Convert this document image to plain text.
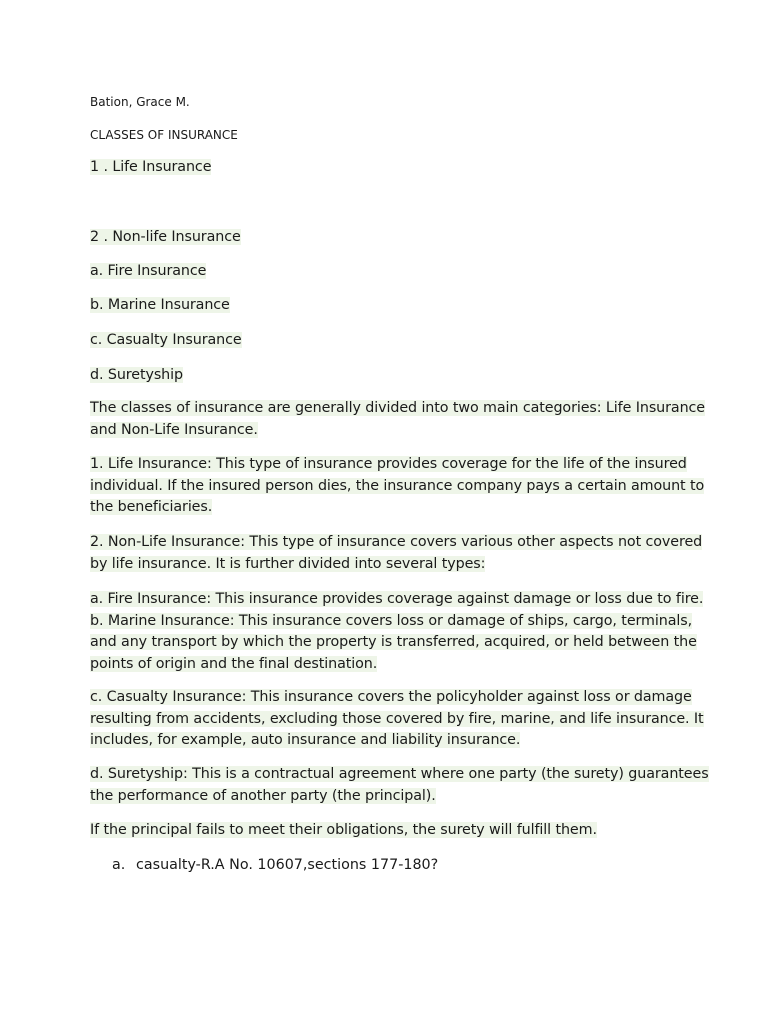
Bation, Grace M.

CLASSES OF INSURANCE

1 . Life Insurance

2 . Non-life Insurance

a. Fire Insurance

b. Marine Insurance

c. Casualty Insurance

d. Suretyship

The classes of insurance are generally divided into two main categories: Life Insurance
and Non-Life Insurance.
1. Life Insurance: This type of insurance provides coverage for the life of the insured
individual. If the insured person dies, the insurance company pays a certain amount to
the beneficiaries.
2. Non-Life Insurance: This type of insurance covers various other aspects not covered
by life insurance. It is further divided into several types:
a. Fire Insurance: This insurance provides coverage against damage or loss due to fire.
b. Marine Insurance: This insurance covers loss or damage of ships, cargo, terminals,
and any transport by which the property is transferred, acquired, or held between the
points of origin and the final destination.
c. Casualty Insurance: This insurance covers the policyholder against loss or damage
resulting from accidents, excluding those covered by fire, marine, and life insurance. It
includes, for example, auto insurance and liability insurance.
d. Suretyship: This is a contractual agreement where one party (the surety) guarantees
the performance of another party (the principal).
If the principal fails to meet their obligations, the surety will fulfill them.
a. casualty-R.A No. 10607,sections 177-180?
